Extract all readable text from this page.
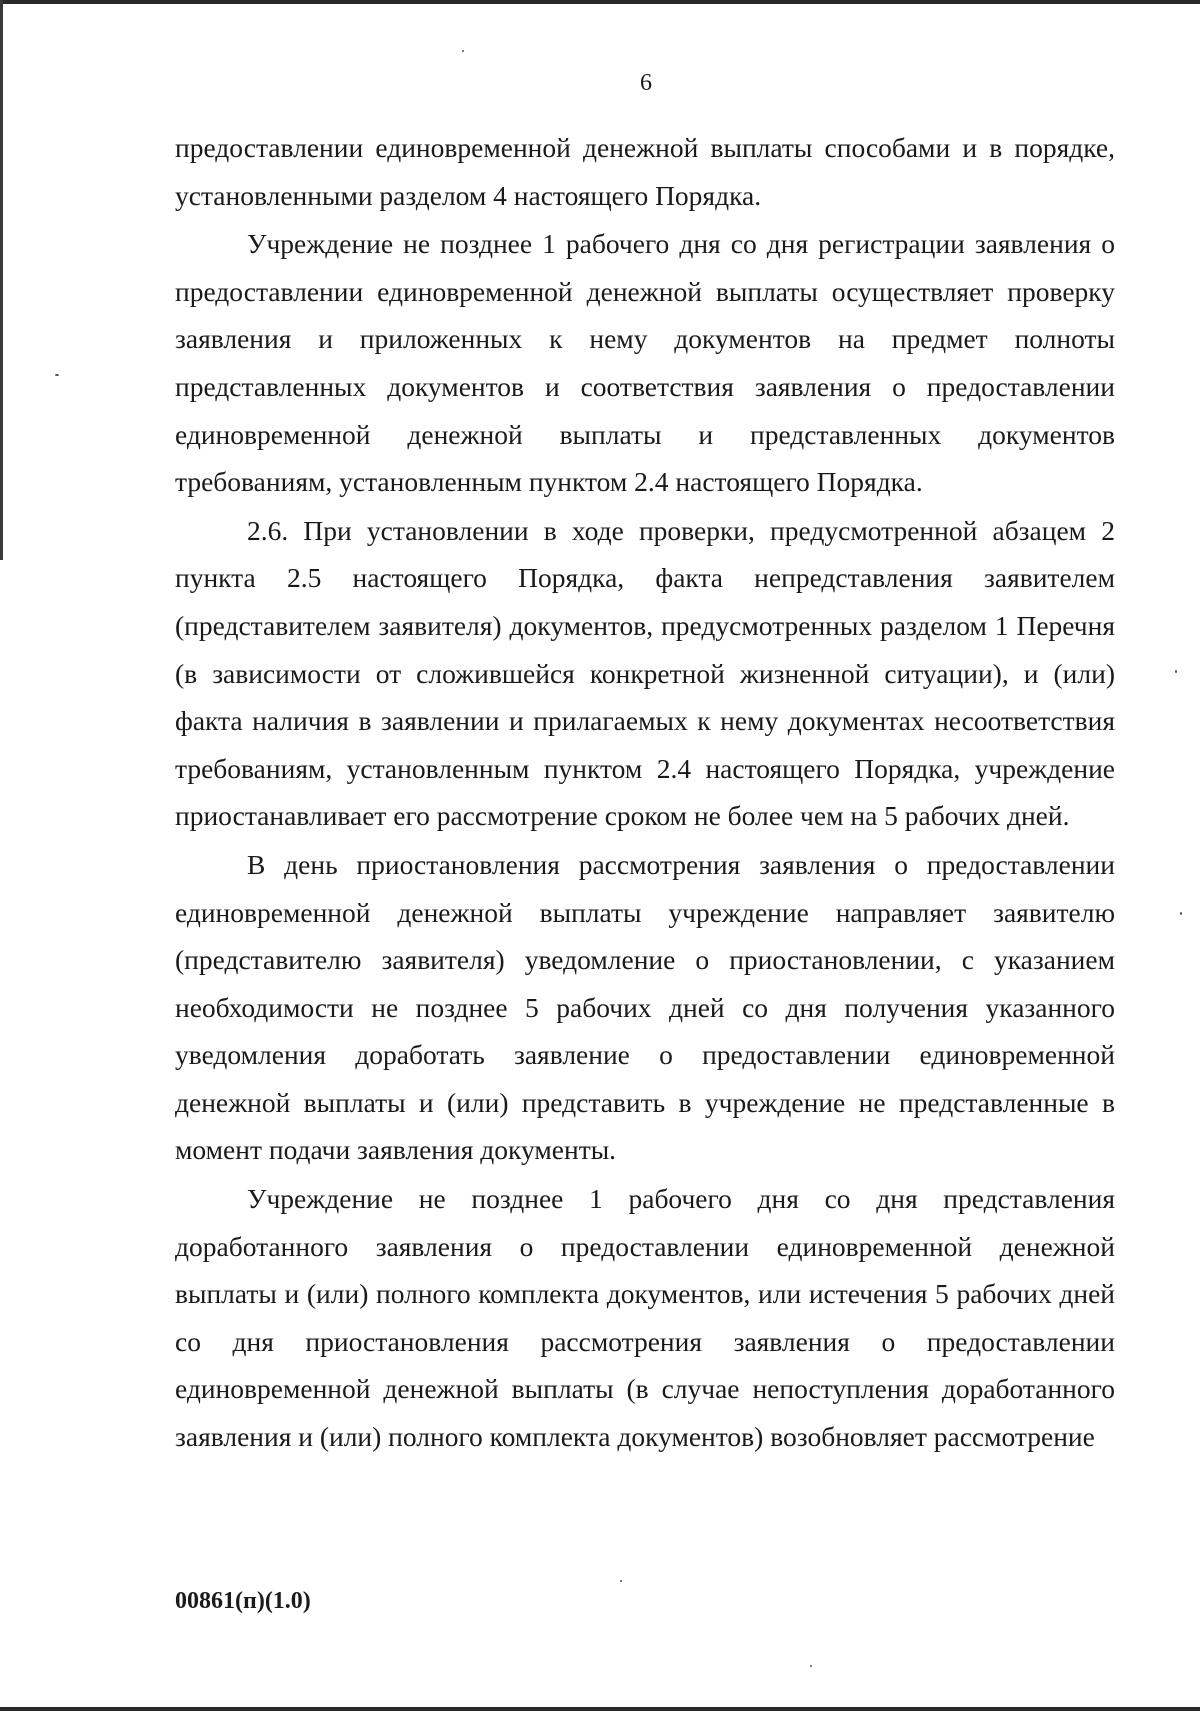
6

предоставлении единовременной денежной выплаты способами и в порядке, установленными разделом 4 настоящего Порядка.

Учреждение не позднее 1 рабочего дня со дня регистрации заявления о предоставлении единовременной денежной выплаты осуществляет проверку заявления и приложенных к нему документов на предмет полноты представленных документов и соответствия заявления о предоставлении единовременной денежной выплаты и представленных документов требованиям, установленным пунктом 2.4 настоящего Порядка.

2.6. При установлении в ходе проверки, предусмотренной абзацем 2 пункта 2.5 настоящего Порядка, факта непредставления заявителем (представителем заявителя) документов, предусмотренных разделом 1 Перечня (в зависимости от сложившейся конкретной жизненной ситуации), и (или) факта наличия в заявлении и прилагаемых к нему документах несоответствия требованиям, установленным пунктом 2.4 настоящего Порядка, учреждение приостанавливает его рассмотрение сроком не более чем на 5 рабочих дней.

В день приостановления рассмотрения заявления о предоставлении единовременной денежной выплаты учреждение направляет заявителю (представителю заявителя) уведомление о приостановлении, с указанием необходимости не позднее 5 рабочих дней со дня получения указанного уведомления доработать заявление о предоставлении единовременной денежной выплаты и (или) представить в учреждение не представленные в момент подачи заявления документы.

Учреждение не позднее 1 рабочего дня со дня представления доработанного заявления о предоставлении единовременной денежной выплаты и (или) полного комплекта документов, или истечения 5 рабочих дней со дня приостановления рассмотрения заявления о предоставлении единовременной денежной выплаты (в случае непоступления доработанного заявления и (или) полного комплекта документов) возобновляет рассмотрение

00861(п)(1.0)
